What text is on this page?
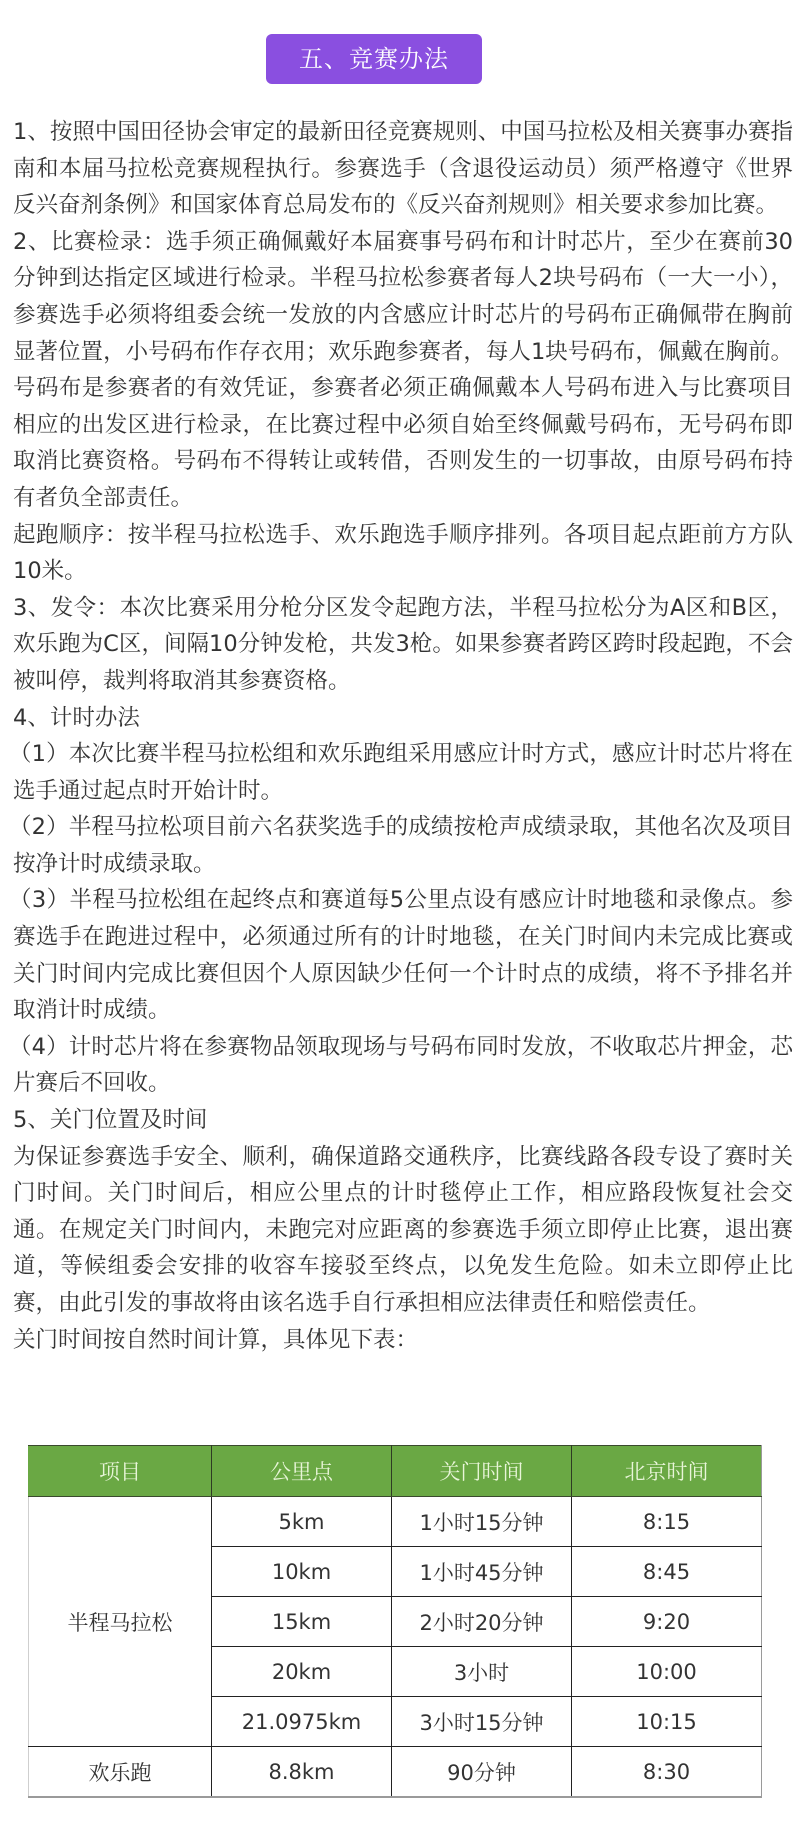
五、竞赛办法

1、按照中国田径协会审定的最新田径竞赛规则、中国马拉松及相关赛事办赛指南和本届马拉松竞赛规程执行。参赛选手（含退役运动员）须严格遵守《世界反兴奋剂条例》和国家体育总局发布的《反兴奋剂规则》相关要求参加比赛。

2、比赛检录：选手须正确佩戴好本届赛事号码布和计时芯片，至少在赛前30分钟到达指定区域进行检录。半程马拉松参赛者每人2块号码布（一大一小），参赛选手必须将组委会统一发放的内含感应计时芯片的号码布正确佩带在胸前显著位置，小号码布作存衣用；欢乐跑参赛者，每人1块号码布，佩戴在胸前。号码布是参赛者的有效凭证，参赛者必须正确佩戴本人号码布进入与比赛项目相应的出发区进行检录，在比赛过程中必须自始至终佩戴号码布，无号码布即取消比赛资格。号码布不得转让或转借，否则发生的一切事故，由原号码布持有者负全部责任。

起跑顺序：按半程马拉松选手、欢乐跑选手顺序排列。各项目起点距前方方队10米。

3、发令：本次比赛采用分枪分区发令起跑方法，半程马拉松分为A区和B区，欢乐跑为C区，间隔10分钟发枪，共发3枪。如果参赛者跨区跨时段起跑，不会被叫停，裁判将取消其参赛资格。

4、计时办法

（1）本次比赛半程马拉松组和欢乐跑组采用感应计时方式，感应计时芯片将在选手通过起点时开始计时。

（2）半程马拉松项目前六名获奖选手的成绩按枪声成绩录取，其他名次及项目按净计时成绩录取。

（3）半程马拉松组在起终点和赛道每5公里点设有感应计时地毯和录像点。参赛选手在跑进过程中，必须通过所有的计时地毯，在关门时间内未完成比赛或关门时间内完成比赛但因个人原因缺少任何一个计时点的成绩，将不予排名并取消计时成绩。

（4）计时芯片将在参赛物品领取现场与号码布同时发放，不收取芯片押金，芯片赛后不回收。

5、关门位置及时间

为保证参赛选手安全、顺利，确保道路交通秩序，比赛线路各段专设了赛时关门时间。关门时间后，相应公里点的计时毯停止工作，相应路段恢复社会交通。在规定关门时间内，未跑完对应距离的参赛选手须立即停止比赛，退出赛道，等候组委会安排的收容车接驳至终点，以免发生危险。如未立即停止比赛，由此引发的事故将由该名选手自行承担相应法律责任和赔偿责任。

关门时间按自然时间计算，具体见下表：

项目	公里点	关门时间	北京时间
半程马拉松	5km	1小时15分钟	8:15
	10km	1小时45分钟	8:45
	15km	2小时20分钟	9:20
	20km	3小时	10:00
	21.0975km	3小时15分钟	10:15
欢乐跑	8.8km	90分钟	8:30
